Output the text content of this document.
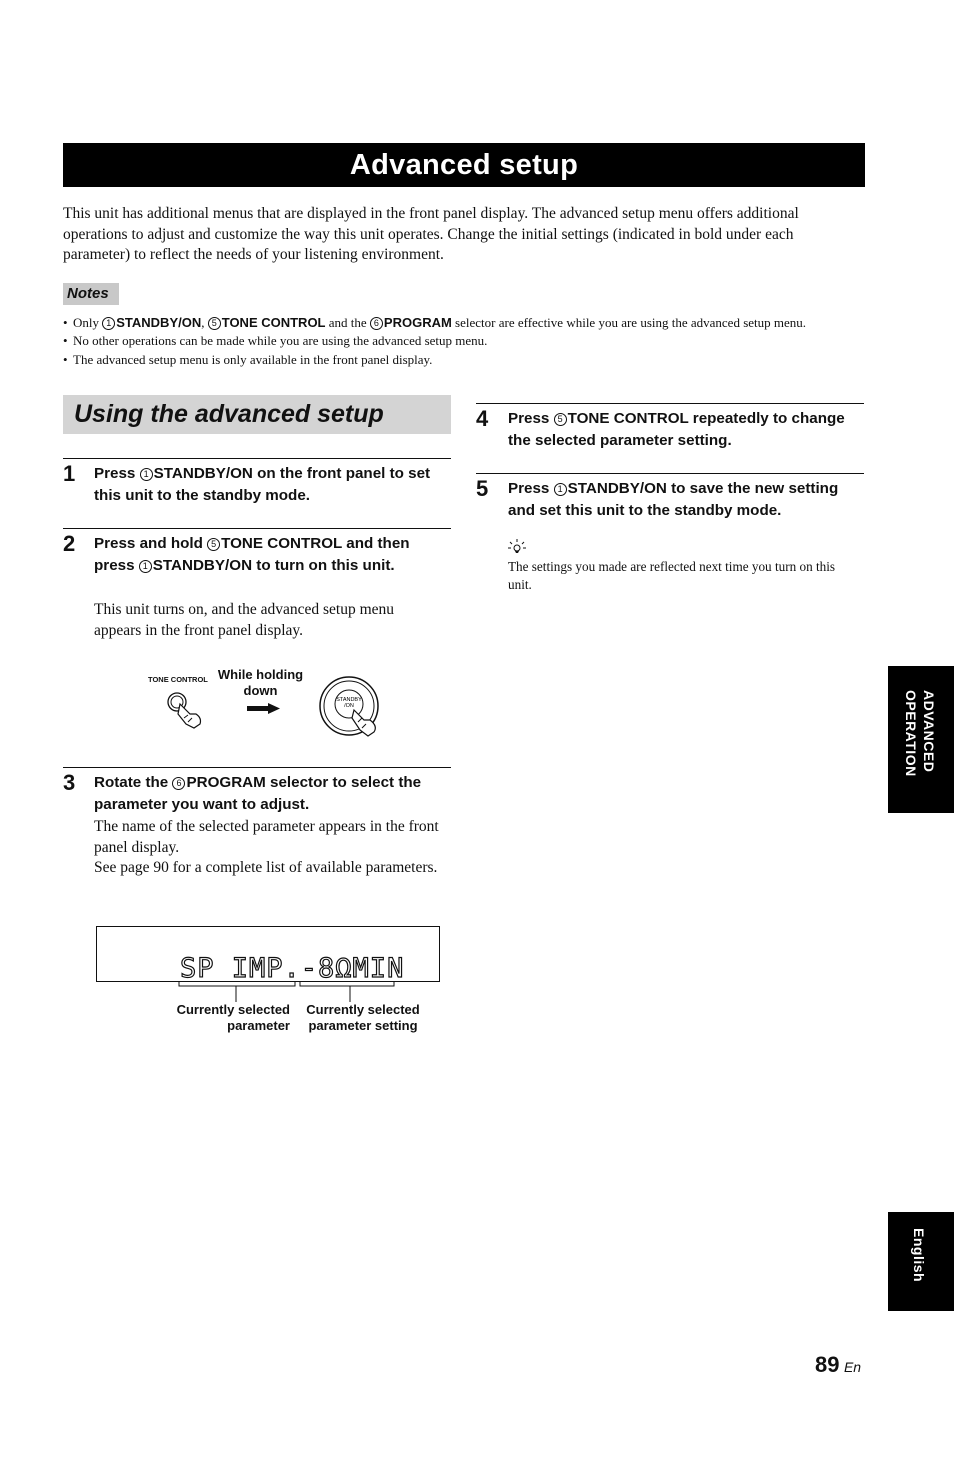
Advanced setup
This unit has additional menus that are displayed in the front panel display. The advanced setup menu offers additional operations to adjust and customize the way this unit operates. Change the initial settings (indicated in bold under each parameter) to reflect the needs of your listening environment.
Notes
• Only 1 STANDBY/ON, 5 TONE CONTROL and the 6 PROGRAM selector are effective while you are using the advanced setup menu.
• No other operations can be made while you are using the advanced setup menu.
• The advanced setup menu is only available in the front panel display.
Using the advanced setup
1 Press 1 STANDBY/ON on the front panel to set this unit to the standby mode.
2 Press and hold 5 TONE CONTROL and then press 1 STANDBY/ON to turn on this unit.
This unit turns on, and the advanced setup menu appears in the front panel display.
TONE CONTROL While holding down
STANDBY
/ON
3 Rotate the 6 PROGRAM selector to select the parameter you want to adjust.
The name of the selected parameter appears in the front panel display.
See page 90 for a complete list of available parameters.
SP IMP.-8ΩMIN
Currently selected parameter
Currently selected parameter setting
4 Press 5 TONE CONTROL repeatedly to change the selected parameter setting.
5 Press 1 STANDBY/ON to save the new setting and set this unit to the standby mode.
The settings you made are reflected next time you turn on this unit.
ADVANCED OPERATION
English
89 En
